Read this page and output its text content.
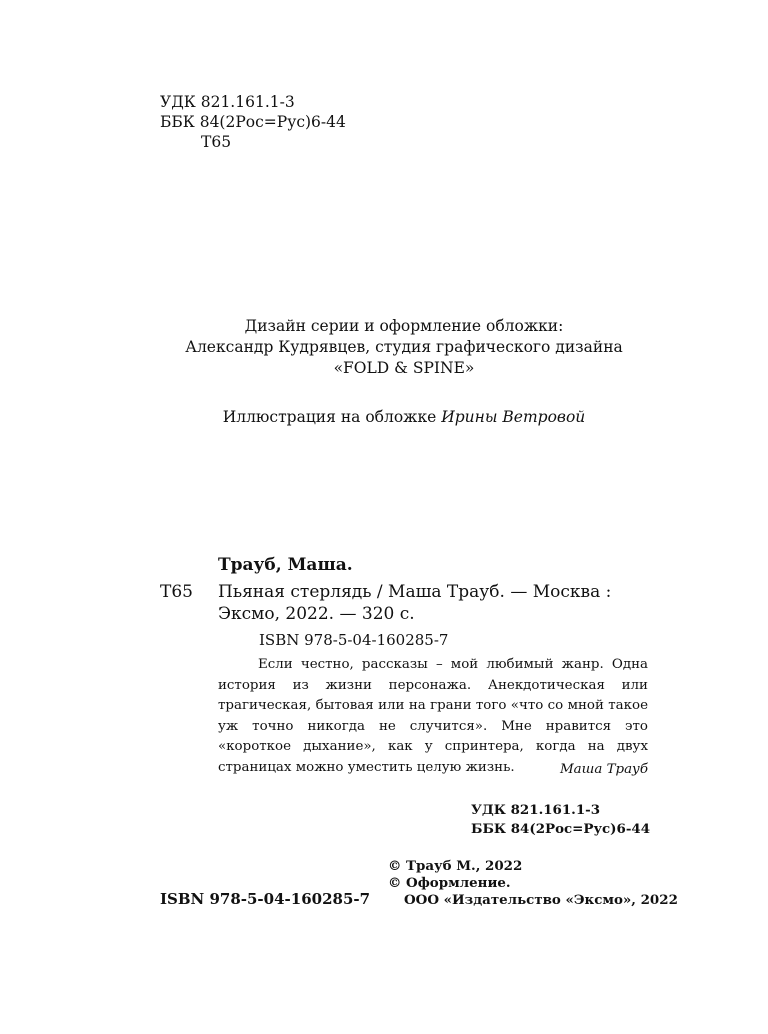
УДК 821.161.1-3
ББК 84(2Рос=Рус)6-44
Т65
Дизайн серии и оформление обложки:
Александр Кудрявцев, студия графического дизайна
«FOLD & SPINE»
Иллюстрация на обложке Ирины Ветровой
Трауб, Маша.
Т65 Пьяная стерлядь / Маша Трауб. — Москва :
Эксмо, 2022. — 320 с.
ISBN 978-5-04-160285-7

Если честно, рассказы – мой любимый жанр. Одна история из жизни персонажа. Анекдотическая или трагическая, бытовая или на грани того «что со мной такое уж точно никогда не случится». Мне нравится это «короткое дыхание», как у спринтера, когда на двух страницах можно уместить целую жизнь.	Маша Трауб
УДК 821.161.1-3
ББК 84(2Рос=Рус)6-44
© Трауб М., 2022
© Оформление.
ООО «Издательство «Эксмо», 2022
ISBN 978-5-04-160285-7
